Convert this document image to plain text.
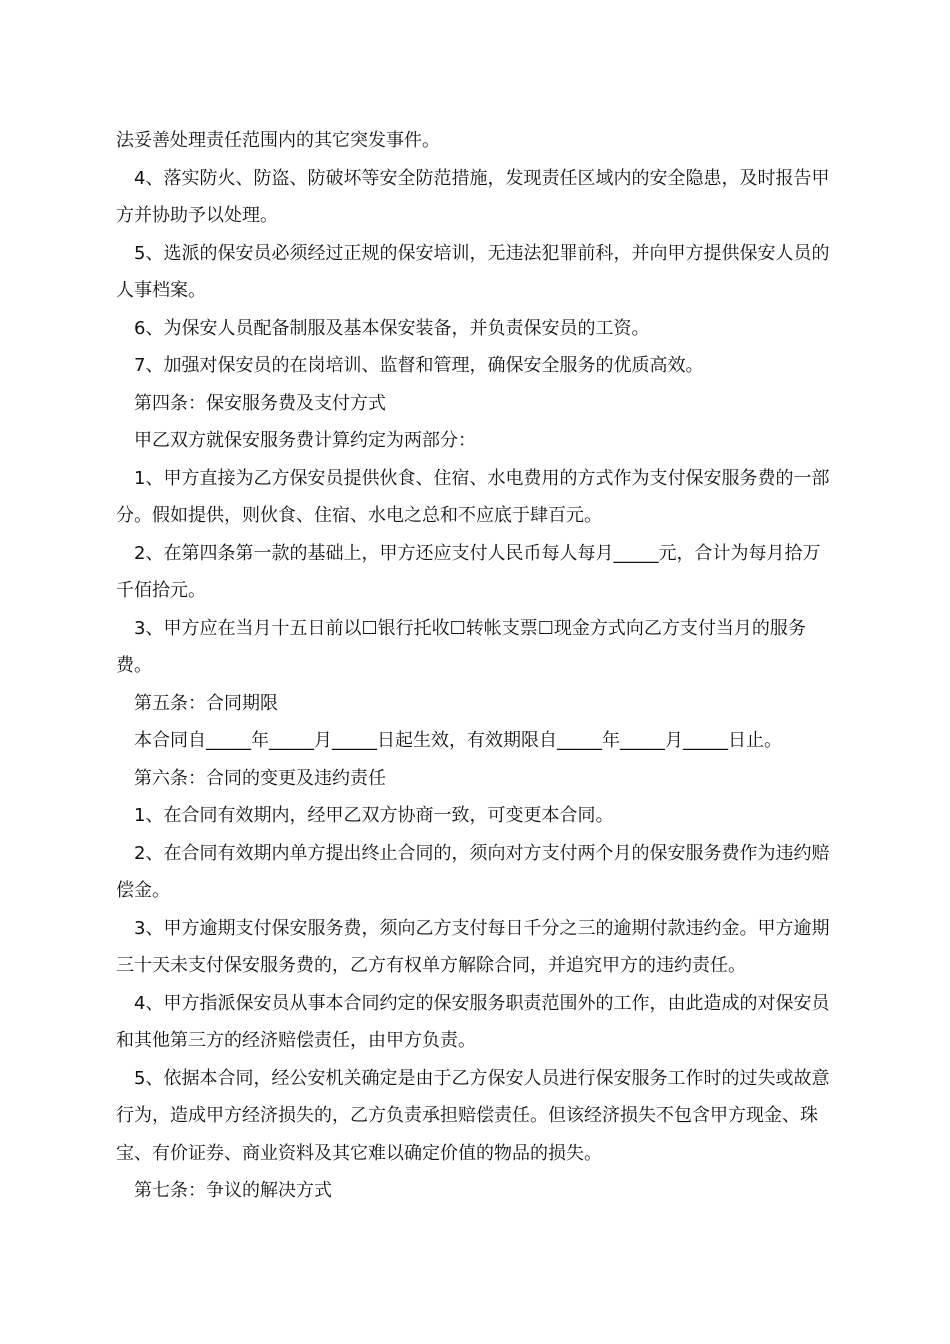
法妥善处理责任范围内的其它突发事件。

4、落实防火、防盗、防破坏等安全防范措施，发现责任区域内的安全隐患，及时报告甲方并协助予以处理。

5、选派的保安员必须经过正规的保安培训，无违法犯罪前科，并向甲方提供保安人员的人事档案。

6、为保安人员配备制服及基本保安装备，并负责保安员的工资。

7、加强对保安员的在岗培训、监督和管理，确保安全服务的优质高效。

第四条：保安服务费及支付方式

甲乙双方就保安服务费计算约定为两部分：

1、甲方直接为乙方保安员提供伙食、住宿、水电费用的方式作为支付保安服务费的一部分。假如提供，则伙食、住宿、水电之总和不应底于肆百元。

2、在第四条第一款的基础上，甲方还应支付人民币每人每月_____元，合计为每月拾万千佰拾元。

3、甲方应在当月十五日前以☐银行托收☐转帐支票☐现金方式向乙方支付当月的服务费。

第五条：合同期限

本合同自_____年_____月_____日起生效，有效期限自_____年_____月_____日止。

第六条：合同的变更及违约责任

1、在合同有效期内，经甲乙双方协商一致，可变更本合同。

2、在合同有效期内单方提出终止合同的，须向对方支付两个月的保安服务费作为违约赔偿金。

3、甲方逾期支付保安服务费，须向乙方支付每日千分之三的逾期付款违约金。甲方逾期三十天未支付保安服务费的，乙方有权单方解除合同，并追究甲方的违约责任。

4、甲方指派保安员从事本合同约定的保安服务职责范围外的工作，由此造成的对保安员和其他第三方的经济赔偿责任，由甲方负责。

5、依据本合同，经公安机关确定是由于乙方保安人员进行保安服务工作时的过失或故意行为，造成甲方经济损失的，乙方负责承担赔偿责任。但该经济损失不包含甲方现金、珠宝、有价证券、商业资料及其它难以确定价值的物品的损失。

第七条：争议的解决方式
